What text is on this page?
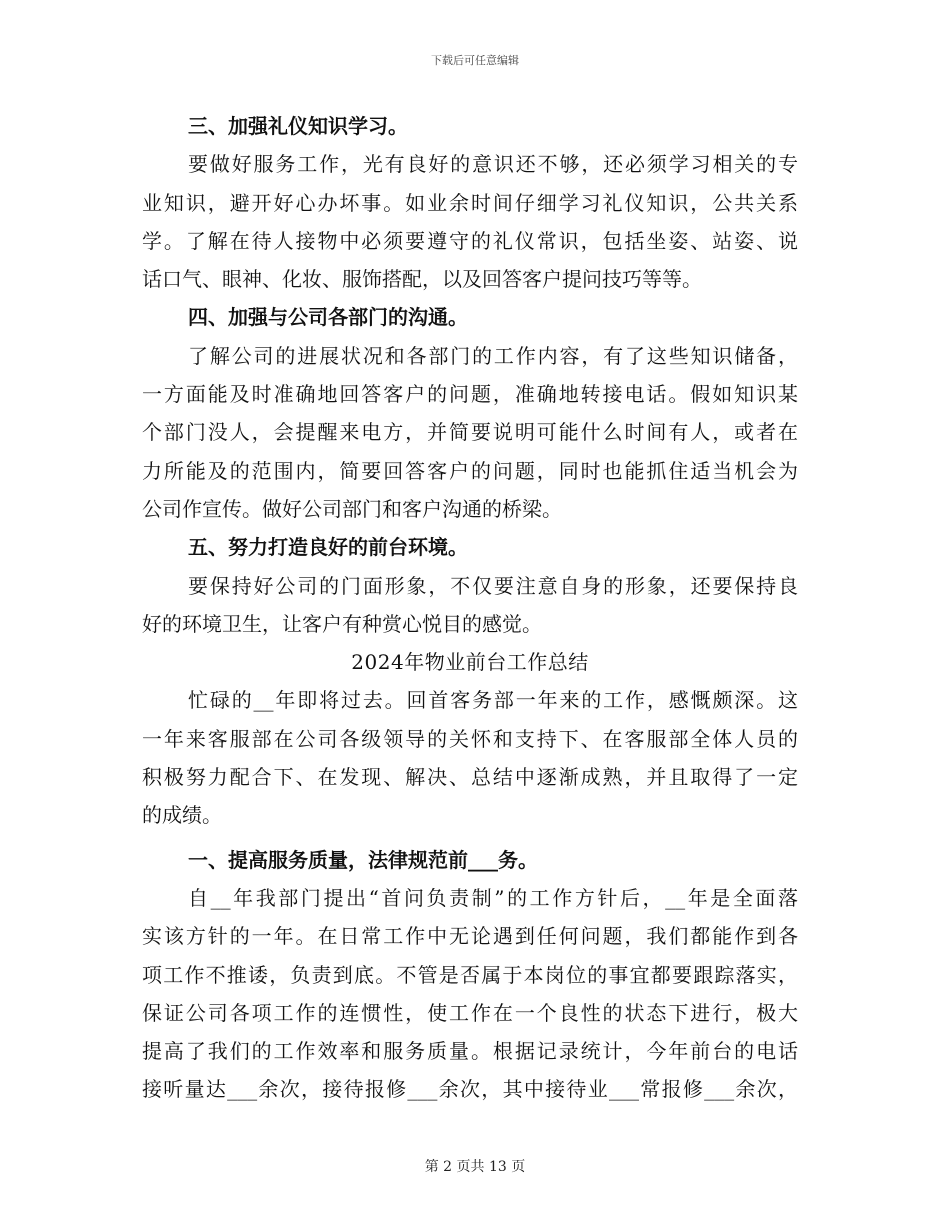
下载后可任意编辑
三、加强礼仪知识学习。
要做好服务工作，光有良好的意识还不够，还必须学习相关的专
业知识，避开好心办坏事。如业余时间仔细学习礼仪知识，公共关系
学。了解在待人接物中必须要遵守的礼仪常识，包括坐姿、站姿、说
话口气、眼神、化妆、服饰搭配，以及回答客户提问技巧等等。
四、加强与公司各部门的沟通。
了解公司的进展状况和各部门的工作内容，有了这些知识储备，
一方面能及时准确地回答客户的问题，准确地转接电话。假如知识某
个部门没人，会提醒来电方，并简要说明可能什么时间有人，或者在
力所能及的范围内，简要回答客户的问题，同时也能抓住适当机会为
公司作宣传。做好公司部门和客户沟通的桥梁。
五、努力打造良好的前台环境。
要保持好公司的门面形象，不仅要注意自身的形象，还要保持良
好的环境卫生，让客户有种赏心悦目的感觉。
2024年物业前台工作总结
忙碌的__年即将过去。回首客务部一年来的工作，感慨颇深。这
一年来客服部在公司各级领导的关怀和支持下、在客服部全体人员的
积极努力配合下、在发现、解决、总结中逐渐成熟，并且取得了一定
的成绩。
一、提高服务质量，法律规范前___务。
自__年我部门提出“首问负责制”的工作方针后，__年是全面落
实该方针的一年。在日常工作中无论遇到任何问题，我们都能作到各
项工作不推诿，负责到底。不管是否属于本岗位的事宜都要跟踪落实，
保证公司各项工作的连惯性，使工作在一个良性的状态下进行，极大
提高了我们的工作效率和服务质量。根据记录统计，今年前台的电话
接听量达___余次，接待报修___余次，其中接待业___常报修___余次，
第 2 页共 13 页
